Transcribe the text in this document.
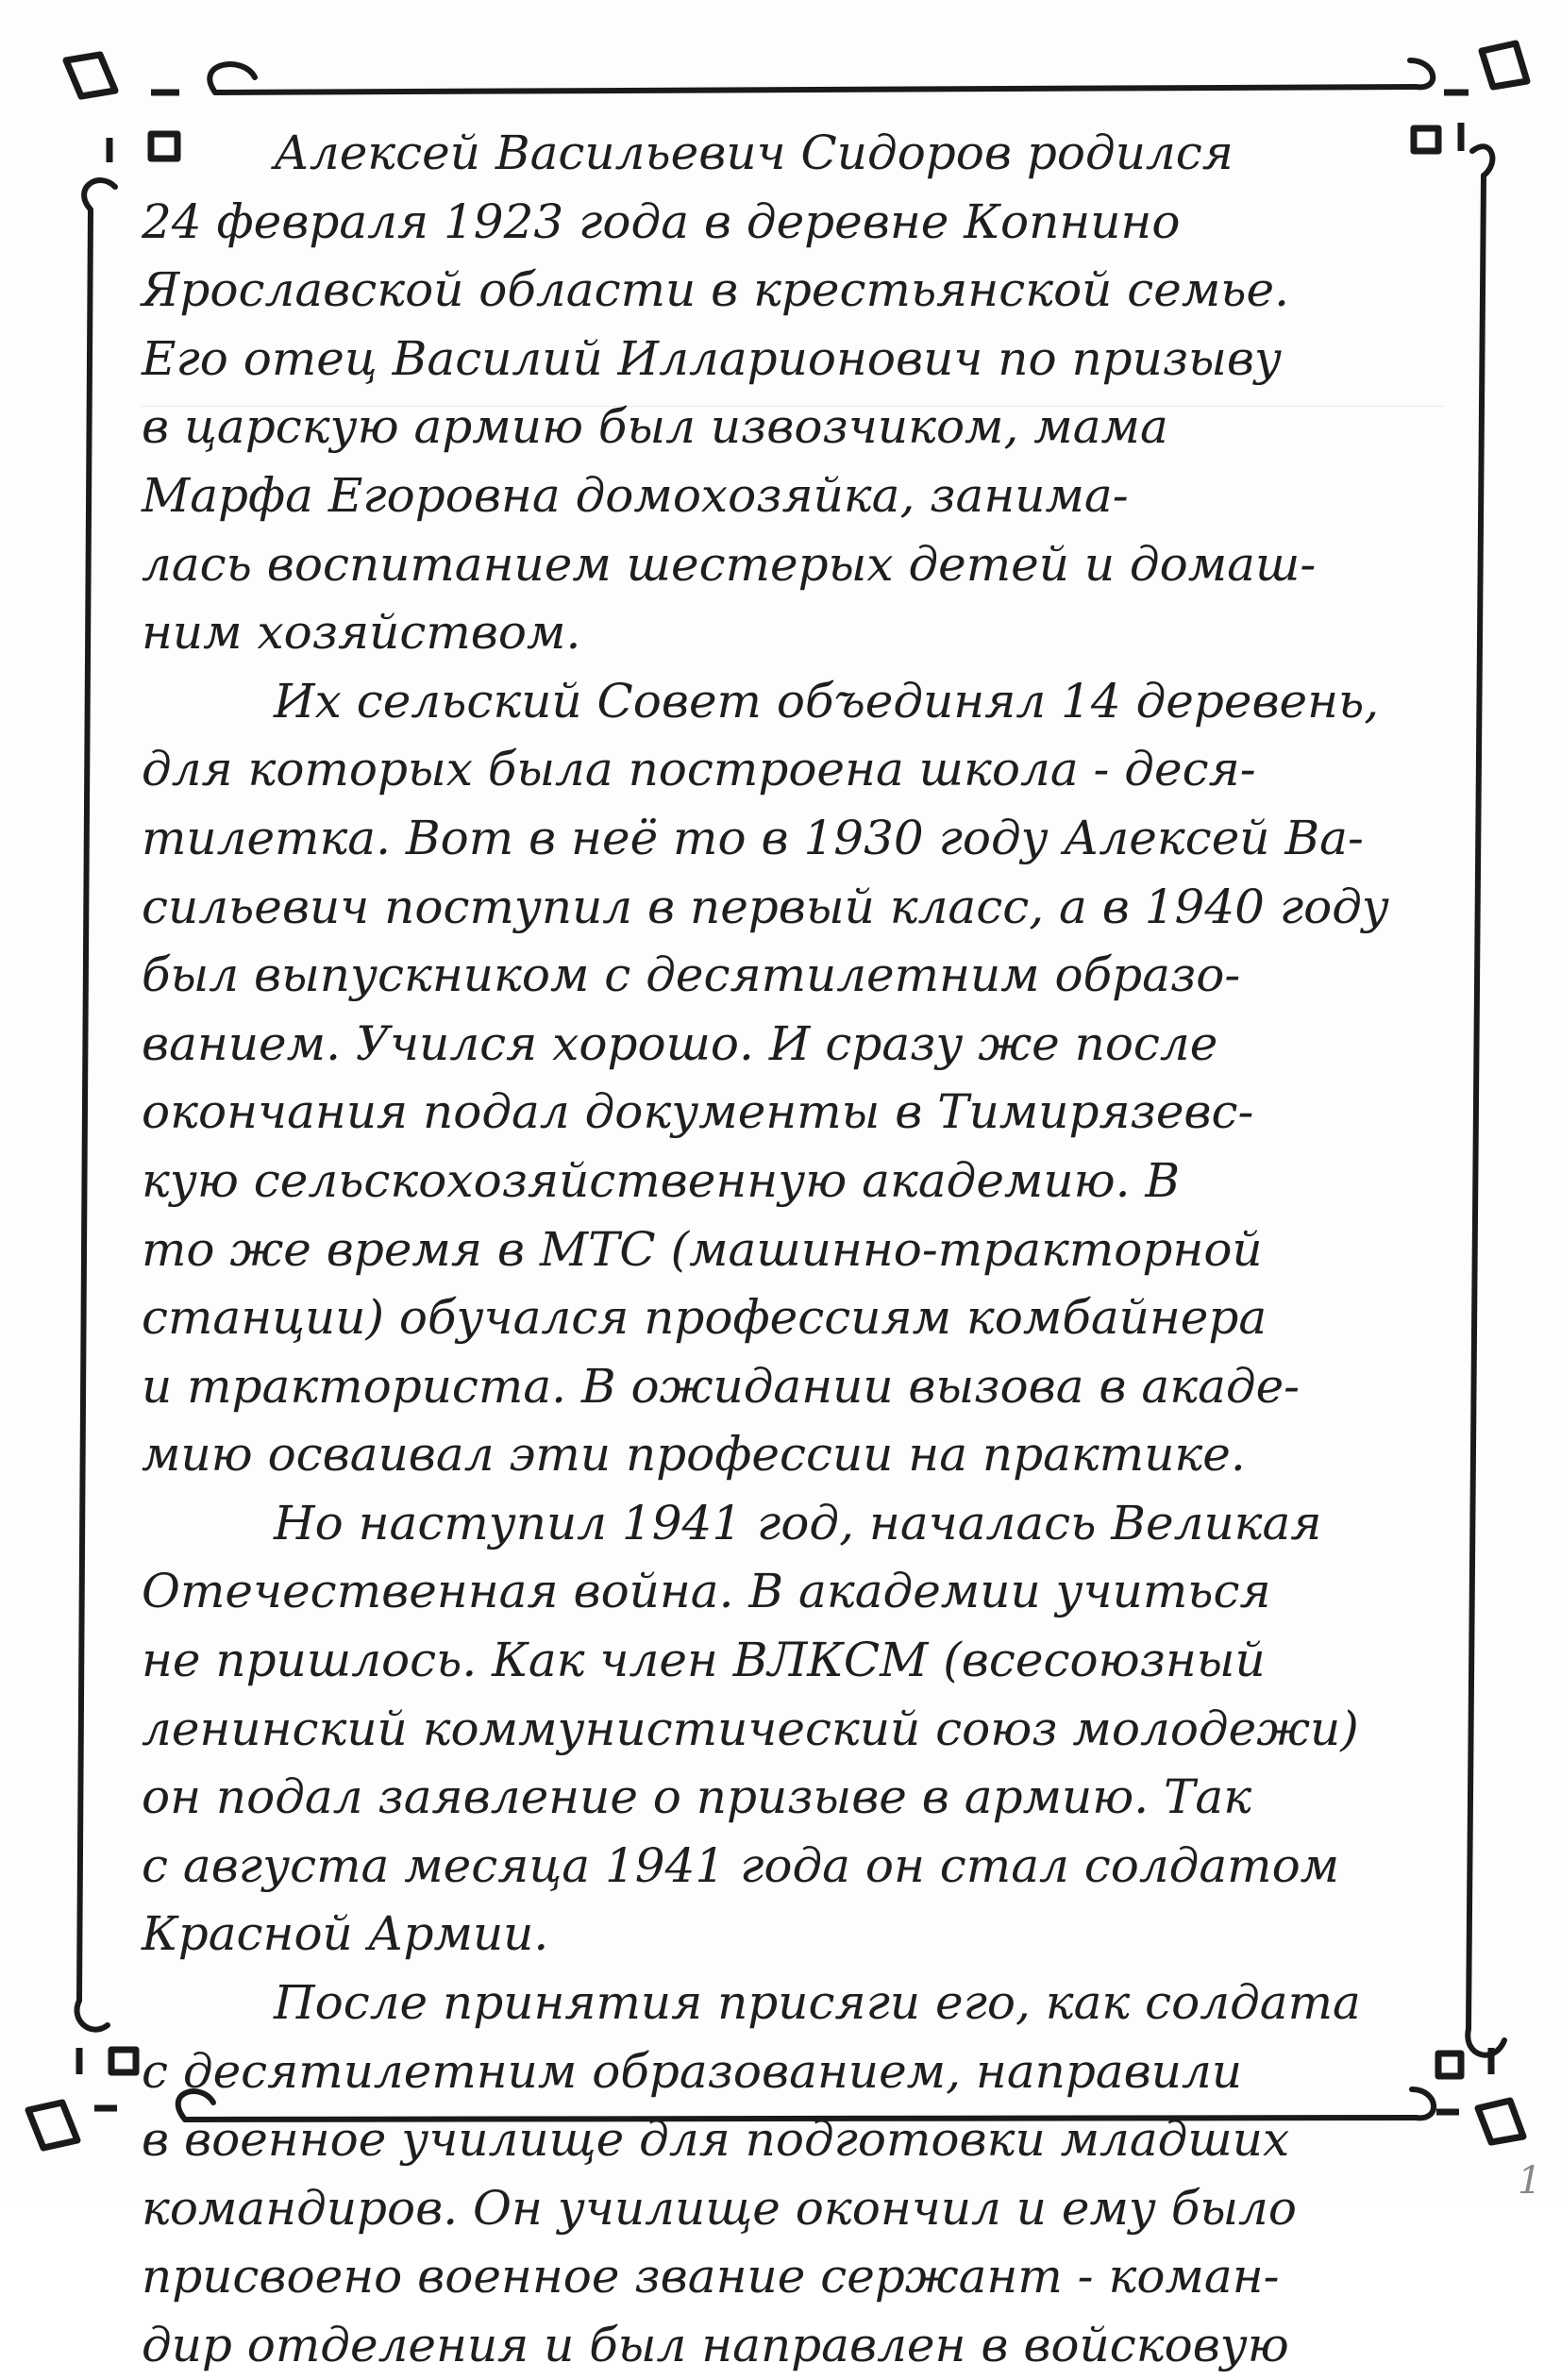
Алексей Васильевич Сидоров родился
24 февраля 1923 года в деревне Копнино
Ярославской области в крестьянской семье.
Его отец Василий Илларионович по призыву
в царскую армию был извозчиком, мама
Марфа Егоровна домохозяйка, занима-
лась воспитанием шестерых детей и домаш-
ним хозяйством.
Их сельский Совет объединял 14 деревень,
для которых была построена школа - деся-
тилетка. Вот в неё то в 1930 году Алексей Ва-
сильевич поступил в первый класс, а в 1940 году
был выпускником с десятилетним образо-
ванием. Учился хорошо. И сразу же после
окончания подал документы в Тимирязевс-
кую сельскохозяйственную академию. В
то же время в МТС (машинно-тракторной
станции) обучался профессиям комбайнера
и тракториста. В ожидании вызова в акаде-
мию осваивал эти профессии на практике.
Но наступил 1941 год, началась Великая
Отечественная война. В академии учиться
не пришлось. Как член ВЛКСМ (всесоюзный
ленинский коммунистический союз молодежи)
он подал заявление о призыве в армию. Так
с августа месяца 1941 года он стал солдатом
Красной Армии.
После принятия присяги его, как солдата
с десятилетним образованием, направили
в военное училище для подготовки младших
командиров. Он училище окончил и ему было
присвоено военное звание сержант - коман-
дир отделения и был направлен в войсковую
1
